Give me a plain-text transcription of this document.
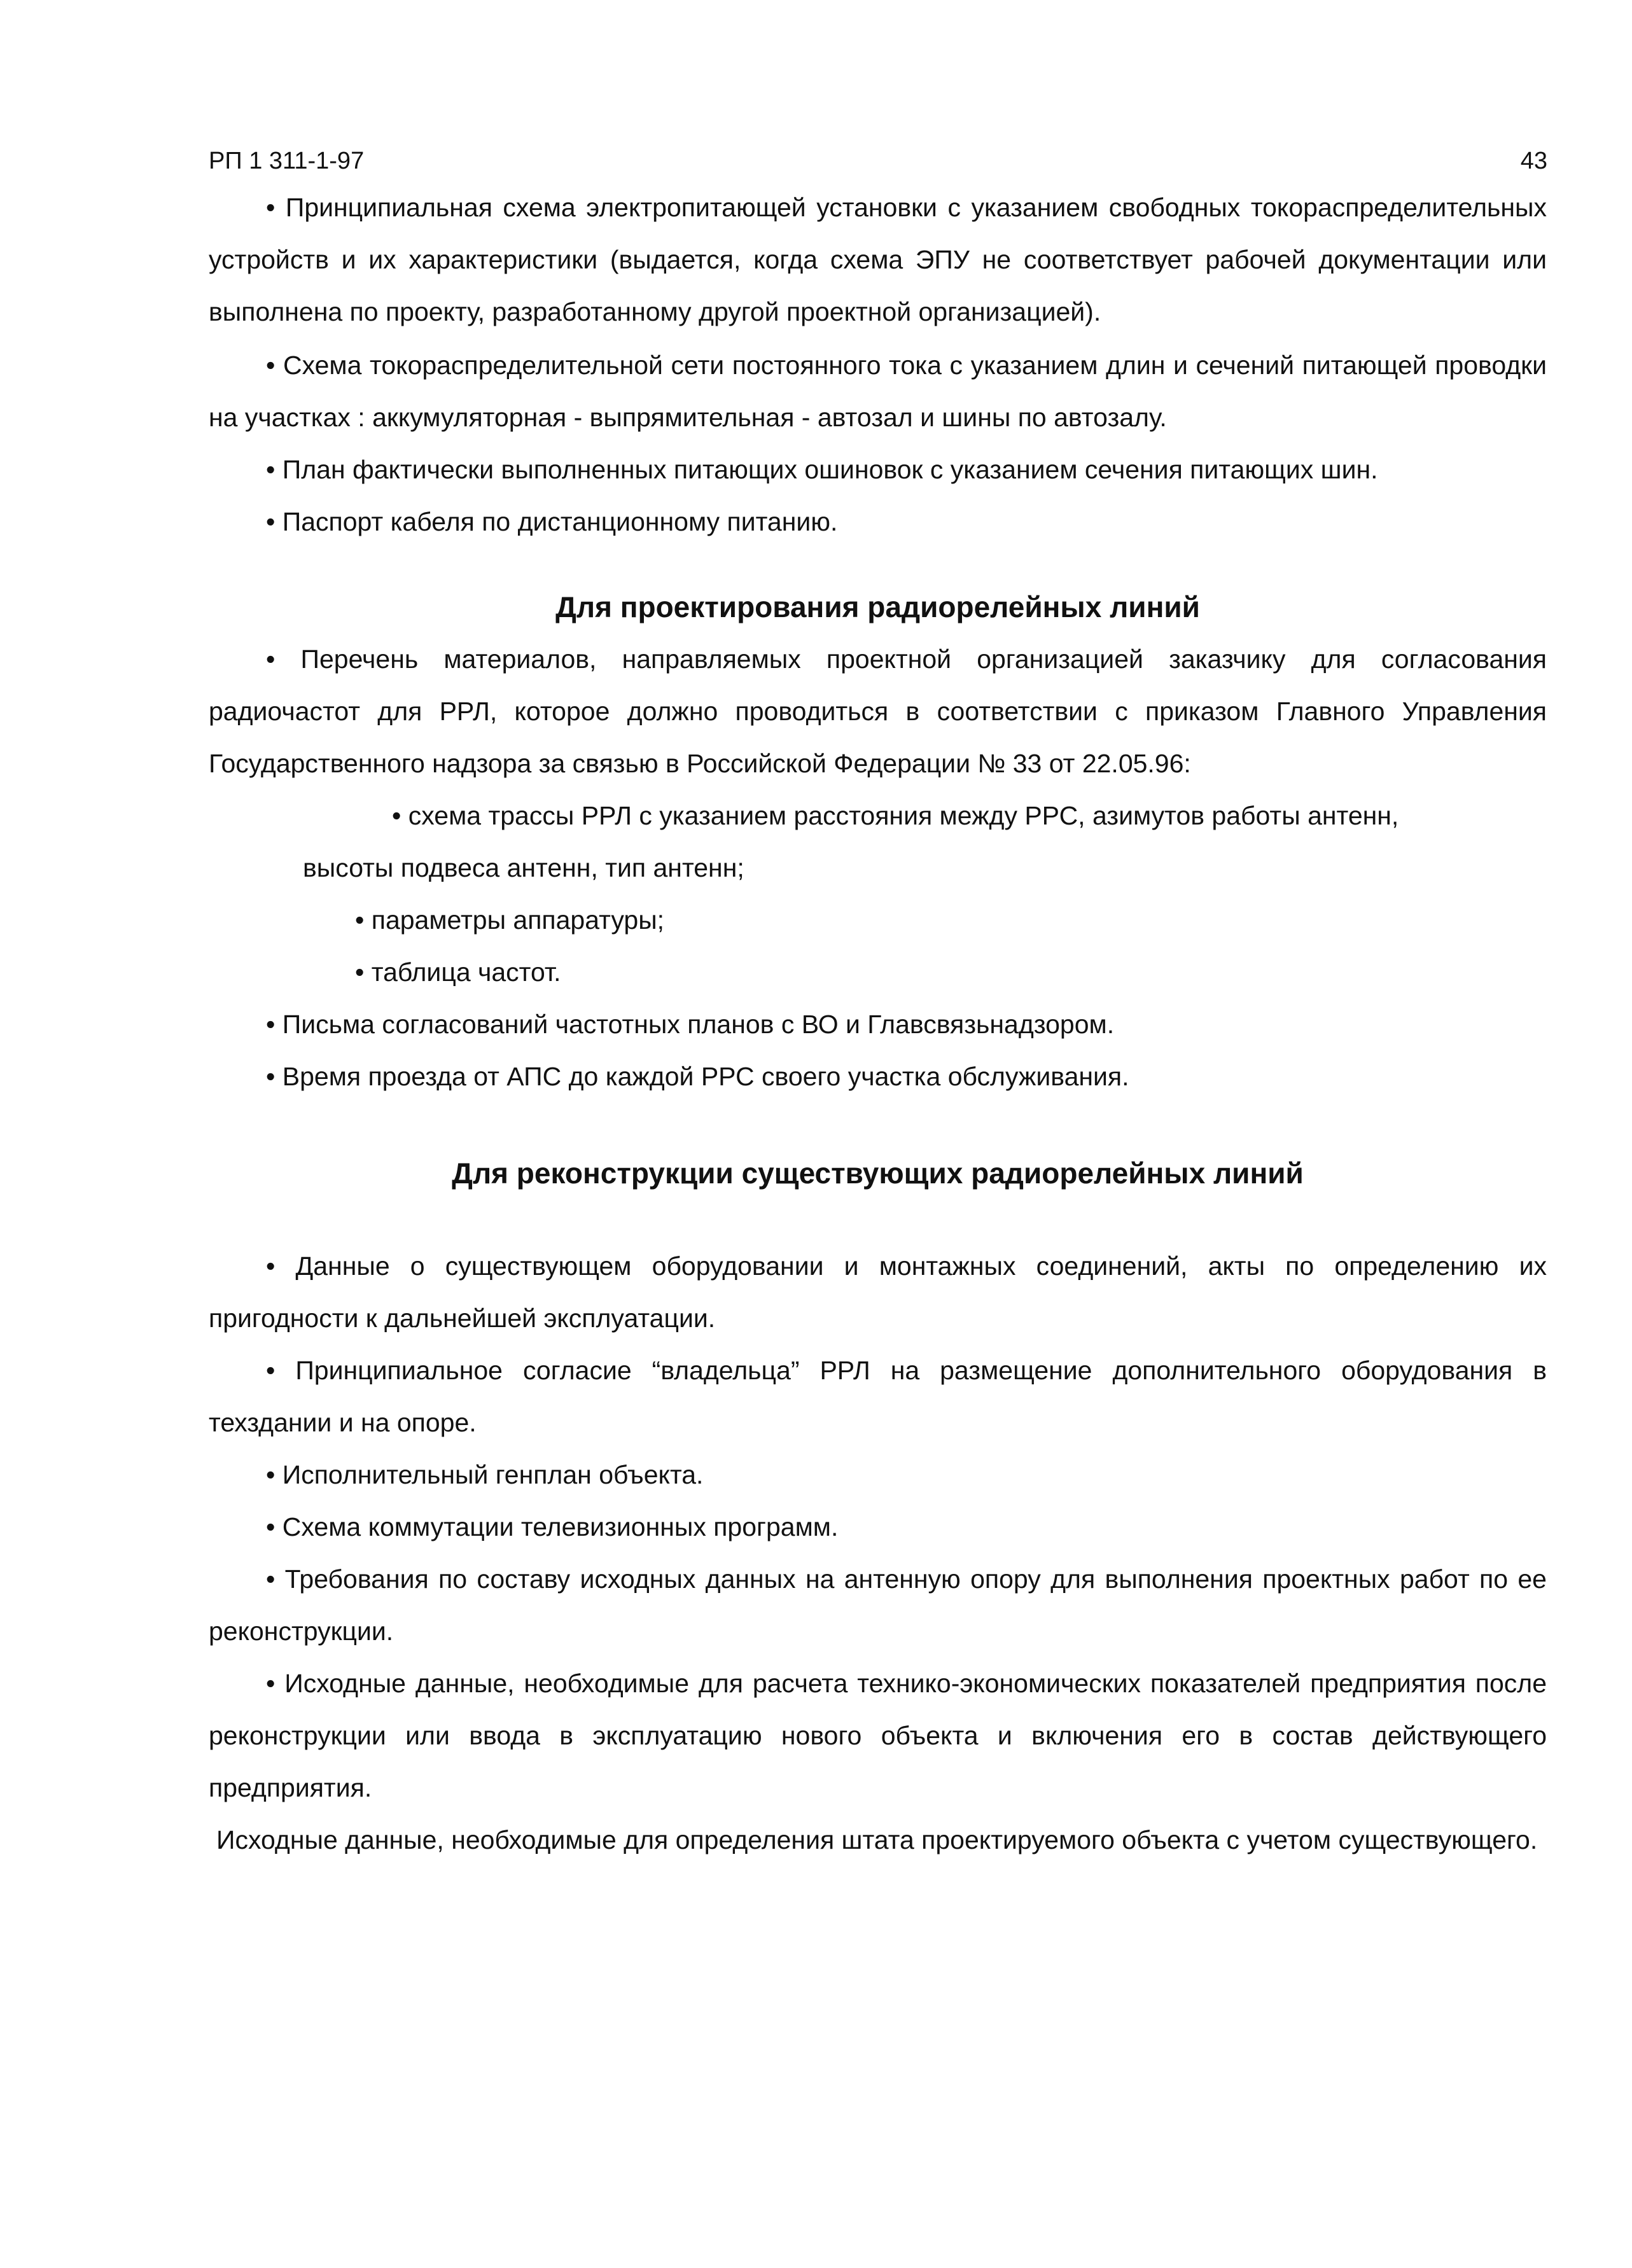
РП 1 311-1-97	43

• Принципиальная схема электропитающей установки с указанием свободных токораспределительных устройств и их характеристики (выдается, когда схема ЭПУ не соответствует рабочей документации или выполнена по проекту, разработанному другой проектной организацией).

• Схема токораспределительной сети постоянного тока с указанием длин и сечений питающей проводки на участках : аккумуляторная - выпрямительная - автозал и шины по автозалу.

• План фактически выполненных питающих ошиновок с указанием сечения питающих шин.

• Паспорт кабеля по дистанционному питанию.

Для проектирования радиорелейных линий

• Перечень материалов, направляемых проектной организацией заказчику для согласования радиочастот для РРЛ, которое должно проводиться в соответствии с приказом Главного Управления Государственного надзора за связью в Российской Федерации № 33 от 22.05.96:

• схема трассы РРЛ с указанием расстояния между РРС, азимутов работы антенн,

высоты подвеса антенн, тип антенн;

• параметры аппаратуры;

• таблица частот.

• Письма согласований частотных планов с ВО и Главсвязьнадзором.

• Время проезда от АПС до каждой РРС своего участка обслуживания.

Для реконструкции существующих радиорелейных линий

• Данные о существующем оборудовании и монтажных соединений, акты по определению их пригодности к дальнейшей эксплуатации.

• Принципиальное согласие “владельца” РРЛ на размещение дополнительного оборудования в техздании и на опоре.

• Исполнительный генплан объекта.

• Схема коммутации телевизионных программ.

• Требования по составу исходных данных на антенную опору для выполнения проектных работ по ее реконструкции.

• Исходные данные, необходимые для расчета технико-экономических показателей предприятия после реконструкции или ввода в эксплуатацию нового объекта и включения его в состав действующего предприятия.

Исходные данные, необходимые для определения штата проектируемого объекта с учетом существующего.
